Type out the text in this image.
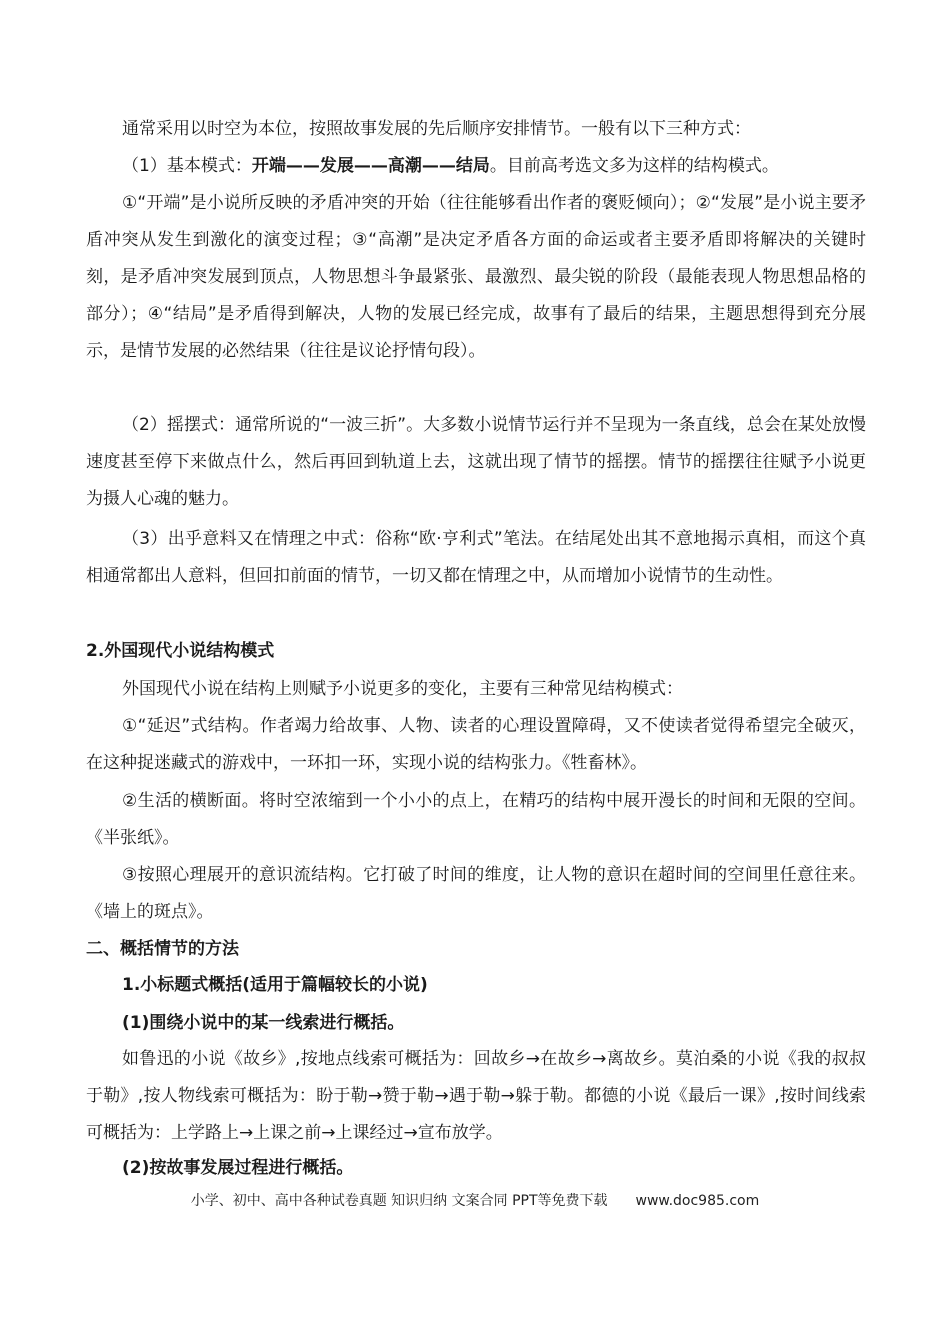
通常采用以时空为本位，按照故事发展的先后顺序安排情节。一般有以下三种方式：

（1）基本模式：开端——发展——高潮——结局。目前高考选文多为这样的结构模式。

①“开端”是小说所反映的矛盾冲突的开始（往往能够看出作者的褒贬倾向）；②“发展”是小说主要矛盾冲突从发生到激化的演变过程；③“高潮”是决定矛盾各方面的命运或者主要矛盾即将解决的关键时刻，是矛盾冲突发展到顶点，人物思想斗争最紧张、最激烈、最尖锐的阶段（最能表现人物思想品格的部分）；④“结局”是矛盾得到解决，人物的发展已经完成，故事有了最后的结果，主题思想得到充分展示，是情节发展的必然结果（往往是议论抒情句段）。

（2）摇摆式：通常所说的“一波三折”。大多数小说情节运行并不呈现为一条直线，总会在某处放慢速度甚至停下来做点什么，然后再回到轨道上去，这就出现了情节的摇摆。情节的摇摆往往赋予小说更为摄人心魂的魅力。

（3）出乎意料又在情理之中式：俗称“欧·亨利式”笔法。在结尾处出其不意地揭示真相，而这个真相通常都出人意料，但回扣前面的情节，一切又都在情理之中，从而增加小说情节的生动性。

2.外国现代小说结构模式

外国现代小说在结构上则赋予小说更多的变化，主要有三种常见结构模式：

①“延迟”式结构。作者竭力给故事、人物、读者的心理设置障碍，又不使读者觉得希望完全破灭，在这种捉迷藏式的游戏中，一环扣一环，实现小说的结构张力。《牲畜林》。

②生活的横断面。将时空浓缩到一个小小的点上，在精巧的结构中展开漫长的时间和无限的空间。《半张纸》。

③按照心理展开的意识流结构。它打破了时间的维度，让人物的意识在超时间的空间里任意往来。《墙上的斑点》。

二、概括情节的方法
1.小标题式概括(适用于篇幅较长的小说)
(1)围绕小说中的某一线索进行概括。

如鲁迅的小说《故乡》,按地点线索可概括为：回故乡→在故乡→离故乡。莫泊桑的小说《我的叔叔于勒》,按人物线索可概括为：盼于勒→赞于勒→遇于勒→躲于勒。都德的小说《最后一课》,按时间线索可概括为：上学路上→上课之前→上课经过→宣布放学。

(2)按故事发展过程进行概括。
小学、初中、高中各种试卷真题 知识归纳 文案合同 PPT等免费下载 www.doc985.com
